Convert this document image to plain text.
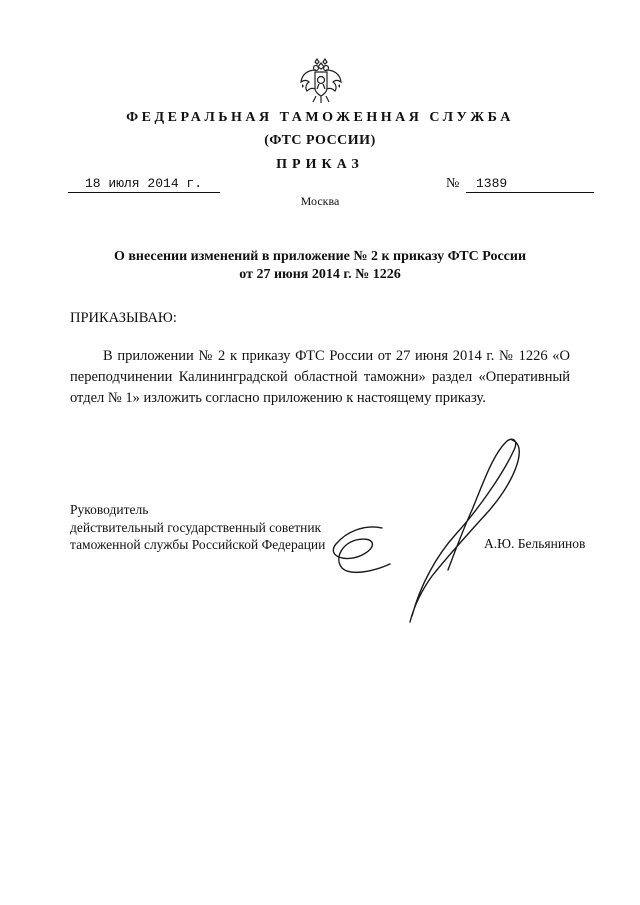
ФЕДЕРАЛЬНАЯ ТАМОЖЕННАЯ СЛУЖБА
(ФТС РОССИИ)
ПРИКАЗ
18 июля 2014 г.	№	1389
Москва
О внесении изменений в приложение № 2 к приказу ФТС России
от 27 июня 2014 г. № 1226
ПРИКАЗЫВАЮ:
В приложении № 2 к приказу ФТС России от 27 июня 2014 г. № 1226 «О переподчинении Калининградской областной таможни» раздел «Оперативный отдел № 1» изложить согласно приложению к настоящему приказу.
Руководитель
действительный государственный советник
таможенной службы Российской Федерации	А.Ю. Бельянинов
